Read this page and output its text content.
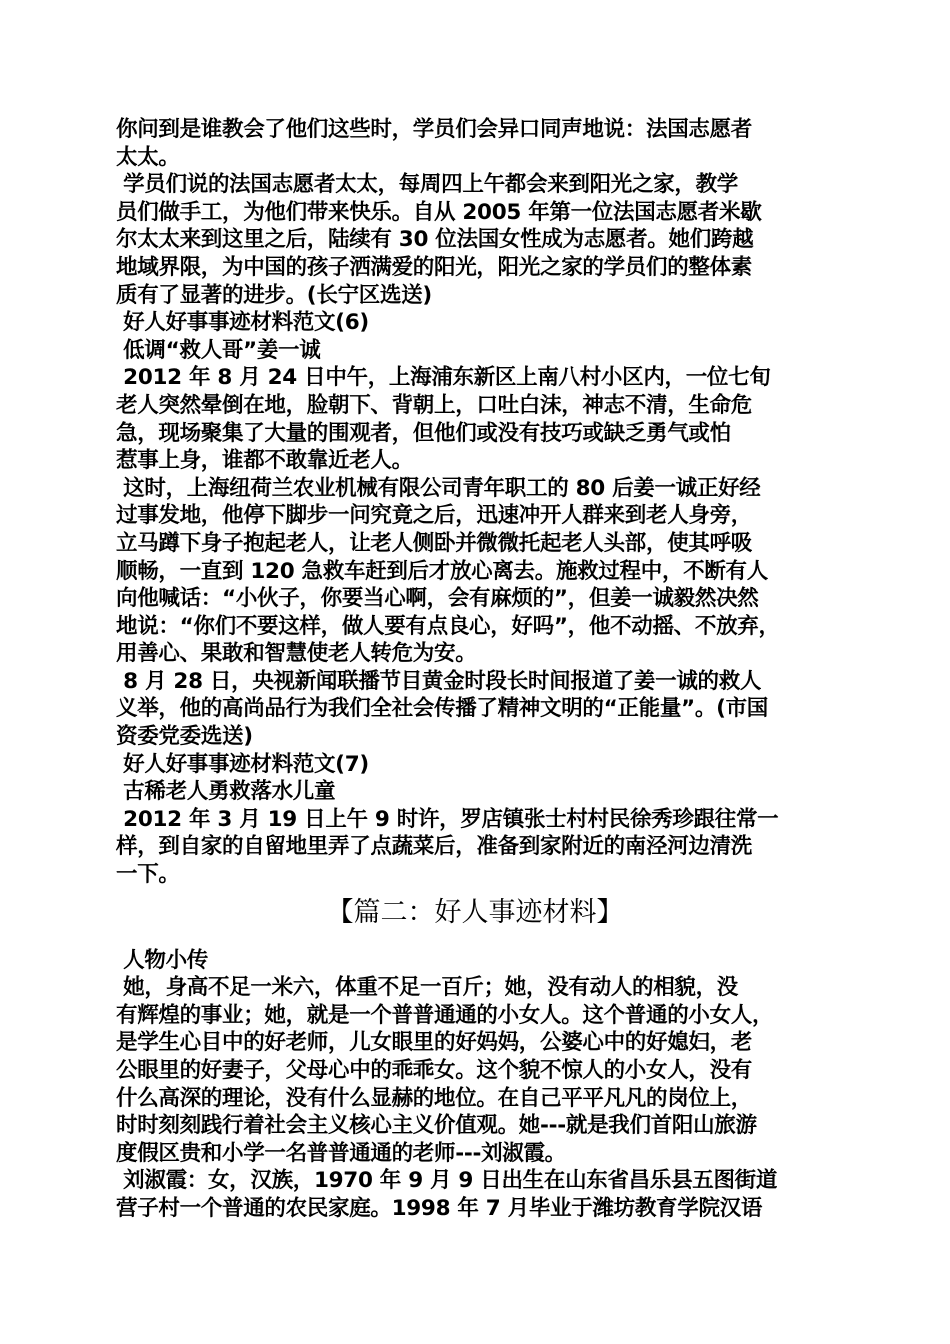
你问到是谁教会了他们这些时，学员们会异口同声地说：法国志愿者
太太。
学员们说的法国志愿者太太，每周四上午都会来到阳光之家，教学
员们做手工，为他们带来快乐。自从 2005 年第一位法国志愿者米歇
尔太太来到这里之后，陆续有 30 位法国女性成为志愿者。她们跨越
地域界限，为中国的孩子洒满爱的阳光，阳光之家的学员们的整体素
质有了显著的进步。(长宁区选送)
好人好事事迹材料范文(6)
低调“救人哥”姜一诚
2012 年 8 月 24 日中午，上海浦东新区上南八村小区内，一位七旬
老人突然晕倒在地，脸朝下、背朝上，口吐白沫，神志不清，生命危
急，现场聚集了大量的围观者，但他们或没有技巧或缺乏勇气或怕
惹事上身，谁都不敢靠近老人。
这时，上海纽荷兰农业机械有限公司青年职工的 80 后姜一诚正好经
过事发地，他停下脚步一问究竟之后，迅速冲开人群来到老人身旁，
立马蹲下身子抱起老人，让老人侧卧并微微托起老人头部，使其呼吸
顺畅，一直到 120 急救车赶到后才放心离去。施救过程中，不断有人
向他喊话：“小伙子，你要当心啊，会有麻烦的”，但姜一诚毅然决然
地说：“你们不要这样，做人要有点良心，好吗”，他不动摇、不放弃，
用善心、果敢和智慧使老人转危为安。
8 月 28 日，央视新闻联播节目黄金时段长时间报道了姜一诚的救人
义举，他的高尚品行为我们全社会传播了精神文明的“正能量”。(市国
资委党委选送)
好人好事事迹材料范文(7)
古稀老人勇救落水儿童
2012 年 3 月 19 日上午 9 时许，罗店镇张士村村民徐秀珍跟往常一
样，到自家的自留地里弄了点蔬菜后，准备到家附近的南泾河边清洗
一下。
【篇二：好人事迹材料】
人物小传
她，身高不足一米六，体重不足一百斤；她，没有动人的相貌，没
有辉煌的事业；她，就是一个普普通通的小女人。这个普通的小女人，
是学生心目中的好老师，儿女眼里的好妈妈，公婆心中的好媳妇，老
公眼里的好妻子，父母心中的乖乖女。这个貌不惊人的小女人，没有
什么高深的理论，没有什么显赫的地位。在自己平平凡凡的岗位上，
时时刻刻践行着社会主义核心主义价值观。她---就是我们首阳山旅游
度假区贵和小学一名普普通通的老师---刘淑霞。
刘淑霞：女，汉族，1970 年 9 月 9 日出生在山东省昌乐县五图街道
营子村一个普通的农民家庭。1998 年 7 月毕业于潍坊教育学院汉语
